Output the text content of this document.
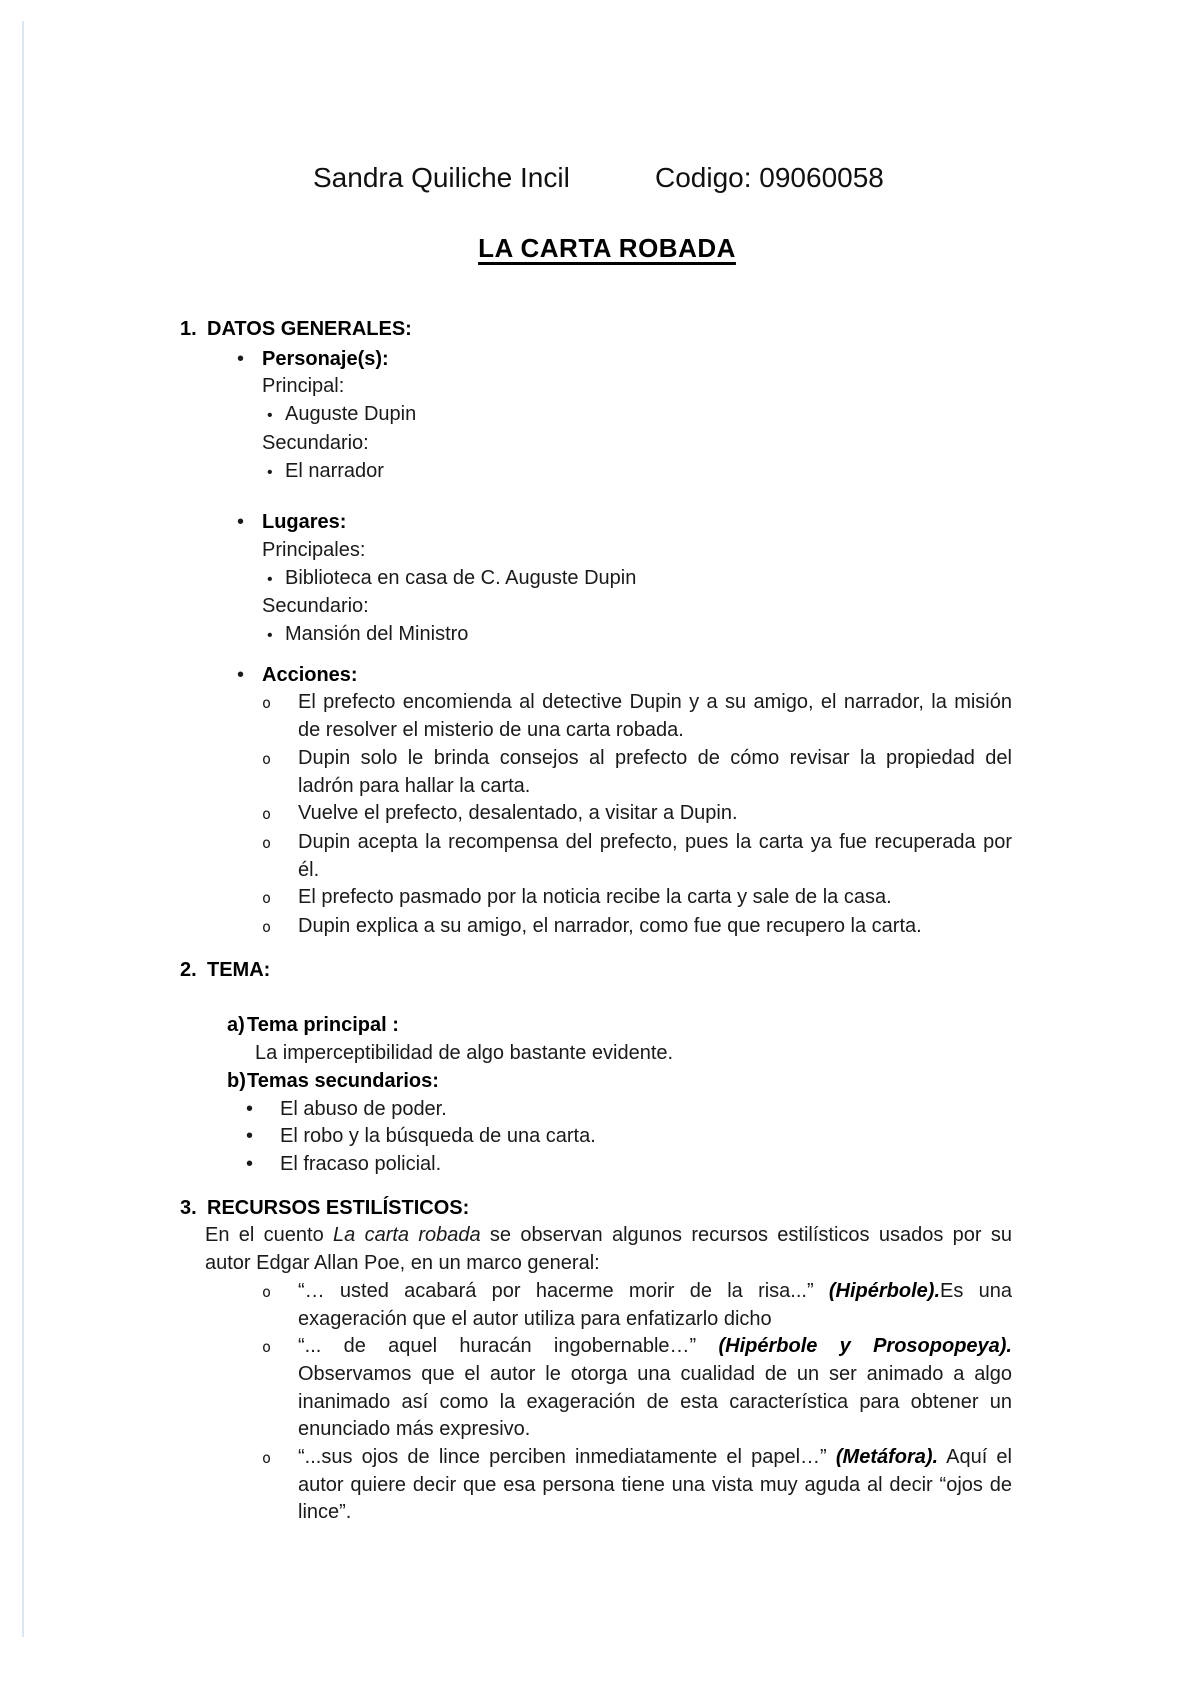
Sandra Quiliche Incil	Codigo: 09060058
LA CARTA ROBADA
1. DATOS GENERALES:
•
Personaje(s):
Principal:
•
Auguste Dupin
Secundario:
•
El narrador
•
Lugares:
Principales:
•
Biblioteca en casa de C. Auguste Dupin
Secundario:
•
Mansión del Ministro
•
Acciones:
o
El prefecto encomienda al detective Dupin y a su amigo, el narrador, la misión de resolver el misterio de una carta robada.
o
Dupin solo le brinda consejos al prefecto de cómo revisar la propiedad del ladrón para hallar la carta.
o
Vuelve el prefecto, desalentado, a visitar a Dupin.
o
Dupin acepta la recompensa del prefecto, pues la carta ya fue recuperada por él.
o
El prefecto pasmado por la noticia recibe la carta y sale de la casa.
o
Dupin explica a su amigo, el narrador, como fue que recupero la carta.
2. TEMA:
a) Tema principal :
La imperceptibilidad de algo bastante evidente.
b) Temas secundarios:
•
El abuso de poder.
•
El robo y la búsqueda de una carta.
•
El fracaso policial.
3. RECURSOS ESTILÍSTICOS:
En el cuento La carta robada se observan algunos recursos estilísticos usados por su autor Edgar Allan Poe, en un marco general:
o
“… usted acabará por hacerme morir de la risa...” (Hipérbole).Es una exageración que el autor utiliza para enfatizarlo dicho
o
“... de aquel huracán ingobernable…” (Hipérbole y Prosopopeya). Observamos que el autor le otorga una cualidad de un ser animado a algo inanimado así como la exageración de esta característica para obtener un enunciado más expresivo.
o
“...sus ojos de lince perciben inmediatamente el papel…” (Metáfora). Aquí el autor quiere decir que esa persona tiene una vista muy aguda al decir “ojos de lince”.
